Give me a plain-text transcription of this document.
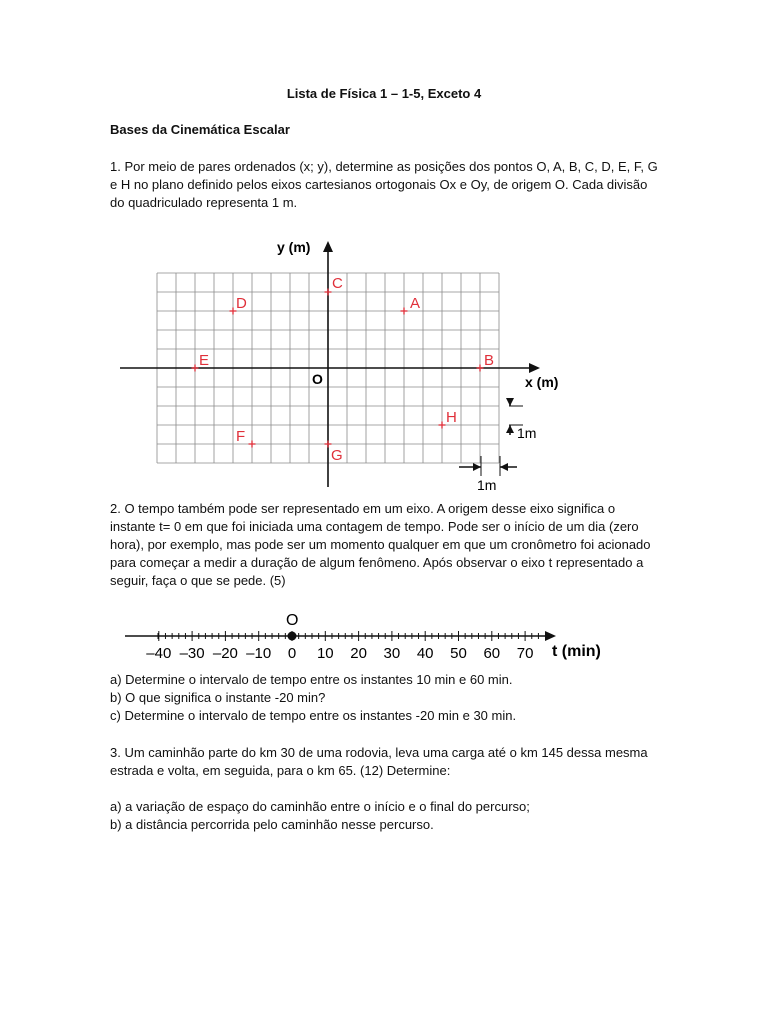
Lista de Física 1 – 1-5, Exceto 4

Bases da Cinemática Escalar

1. Por meio de pares ordenados (x; y), determine as posições dos pontos O, A, B, C, D, E, F, G e H no plano definido pelos eixos cartesianos ortogonais Ox e Oy, de origem O. Cada divisão do quadriculado representa 1 m.

y (m)
x (m)
O
A
B
C
D
E
F
G
H
1m
1m

2. O tempo também pode ser representado em um eixo. A origem desse eixo significa o instante t= 0 em que foi iniciada uma contagem de tempo. Pode ser o início de um dia (zero hora), por exemplo, mas pode ser um momento qualquer em que um cronômetro foi acionado para começar a medir a duração de algum fenômeno. Após observar o eixo t representado a seguir, faça o que se pede. (5)

–40 –30 –20 –10 0 10 20 30 40 50 60 70
O
t (min)

a) Determine o intervalo de tempo entre os instantes 10 min e 60 min.

b) O que significa o instante -20 min?

c) Determine o intervalo de tempo entre os instantes -20 min e 30 min.

3. Um caminhão parte do km 30 de uma rodovia, leva uma carga até o km 145 dessa mesma estrada e volta, em seguida, para o km 65. (12) Determine:

a) a variação de espaço do caminhão entre o início e o final do percurso;

b) a distância percorrida pelo caminhão nesse percurso.
